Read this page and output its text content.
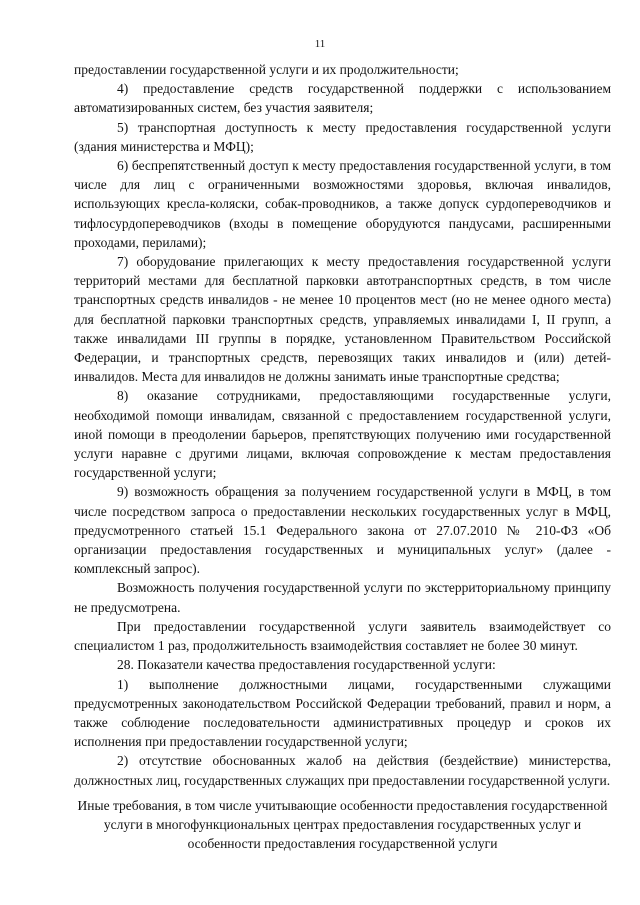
11

предоставлении государственной услуги и их продолжительности;

4) предоставление средств государственной поддержки с использованием автоматизированных систем, без участия заявителя;

5) транспортная доступность к месту предоставления государственной услуги (здания министерства и МФЦ);

6) беспрепятственный доступ к месту предоставления государственной услуги, в том числе для лиц с ограниченными возможностями здоровья, включая инвалидов, использующих кресла-коляски, собак-проводников, а также допуск сурдопереводчиков и тифлосурдопереводчиков (входы в помещение оборудуются пандусами, расширенными проходами, перилами);

7) оборудование прилегающих к месту предоставления государственной услуги территорий местами для бесплатной парковки автотранспортных средств, в том числе транспортных средств инвалидов - не менее 10 процентов мест (но не менее одного места) для бесплатной парковки транспортных средств, управляемых инвалидами I, II групп, а также инвалидами III группы в порядке, установленном Правительством Российской Федерации, и транспортных средств, перевозящих таких инвалидов и (или) детей-инвалидов. Места для инвалидов не должны занимать иные транспортные средства;

8) оказание сотрудниками, предоставляющими государственные услуги, необходимой помощи инвалидам, связанной с предоставлением государственной услуги, иной помощи в преодолении барьеров, препятствующих получению ими государственной услуги наравне с другими лицами, включая сопровождение к местам предоставления государственной услуги;

9) возможность обращения за получением государственной услуги в МФЦ, в том числе посредством запроса о предоставлении нескольких государственных услуг в МФЦ, предусмотренного статьей 15.1 Федерального закона от 27.07.2010 № 210-ФЗ «Об организации предоставления государственных и муниципальных услуг» (далее - комплексный запрос).

Возможность получения государственной услуги по экстерриториальному принципу не предусмотрена.

При предоставлении государственной услуги заявитель взаимодействует со специалистом 1 раз, продолжительность взаимодействия составляет не более 30 минут.

28. Показатели качества предоставления государственной услуги:

1) выполнение должностными лицами, государственными служащими предусмотренных законодательством Российской Федерации требований, правил и норм, а также соблюдение последовательности административных процедур и сроков их исполнения при предоставлении государственной услуги;

2) отсутствие обоснованных жалоб на действия (бездействие) министерства, должностных лиц, государственных служащих при предоставлении государственной услуги.

Иные требования, в том числе учитывающие особенности предоставления государственной услуги в многофункциональных центрах предоставления государственных услуг и особенности предоставления государственной услуги
